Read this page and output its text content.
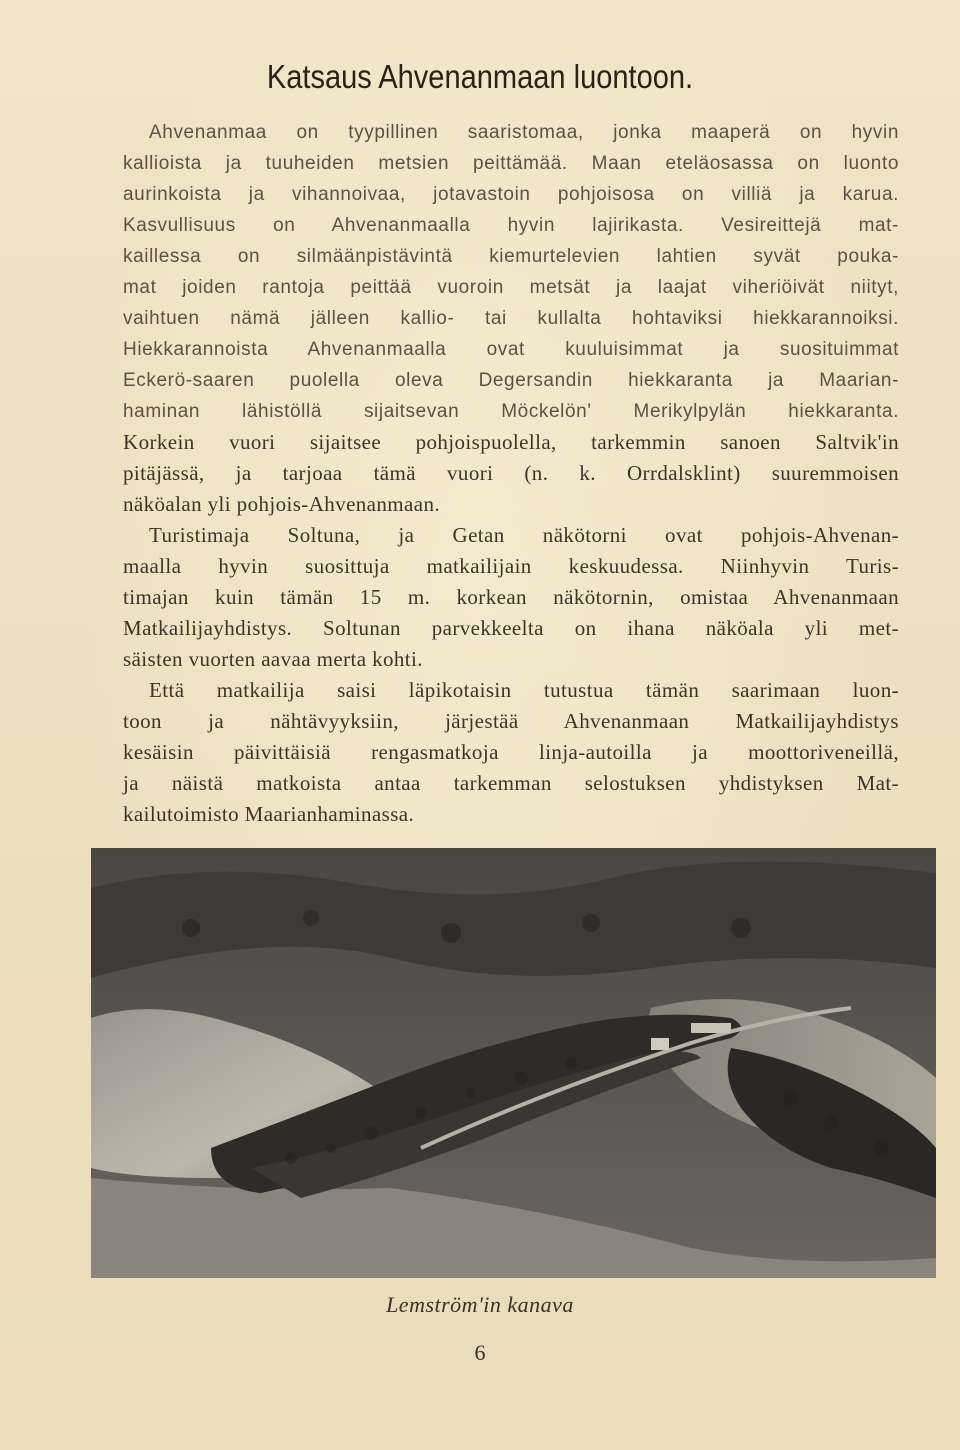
Katsaus Ahvenanmaan luontoon.
Ahvenanmaa on tyypillinen saaristomaa, jonka maaperä on hyvin
kallioista ja tuuheiden metsien peittämää. Maan eteläosassa on luonto
aurinkoista ja vihannoivaa, jotavastoin pohjoisosa on villiä ja karua.
Kasvullisuus on Ahvenanmaalla hyvin lajirikasta. Vesireittejä mat-
kaillessa on silmäänpistävintä kiemurtelevien lahtien syvät poukа-
mat joiden rantoja peittää vuoroin metsät ja laajat viheriöivät niityt,
vaihtuen nämä jälleen kallio- tai kullalta hohtaviksi hiekkarannoiksi.
Hiekkarannoista Ahvenanmaalla ovat kuuluisimmat ja suosituimmat
Eckerö-saaren puolella oleva Degersandin hiekkaranta ja Maarian-
haminan lähistöllä sijaitsevan Möckelön' Merikylpylän hiekkaranta.
Korkein vuori sijaitsee pohjoispuolella, tarkemmin sanoen Saltvik'in
pitäjässä, ja tarjoaa tämä vuori (n. k. Orrdalsklint) suuremmoisen
näköalan yli pohjois-Ahvenanmaan.
Turistimaja Soltuna, ja Getan näkötorni ovat pohjois-Ahvenan-
maalla hyvin suosittuja matkailijain keskuudessa. Niinhyvin Turis-
timajan kuin tämän 15 m. korkean näkötornin, omistaa Ahvenanmaan
Matkailijayhdistys. Soltunan parvekkeelta on ihana näköala yli met-
säisten vuorten aavaa merta kohti.
Että matkailija saisi läpikotaisin tutustua tämän saarimaan luon-
toon ja nähtävyyksiin, järjestää Ahvenanmaan Matkailijayhdistys
kesäisin päivittäisiä rengasmatkoja linja-autoilla ja moottoriveneillä,
ja näistä matkoista antaa tarkemman selostuksen yhdistyksen Mat-
kailutoimisto Maarianhaminassa.
Lemström'in kanava
6
